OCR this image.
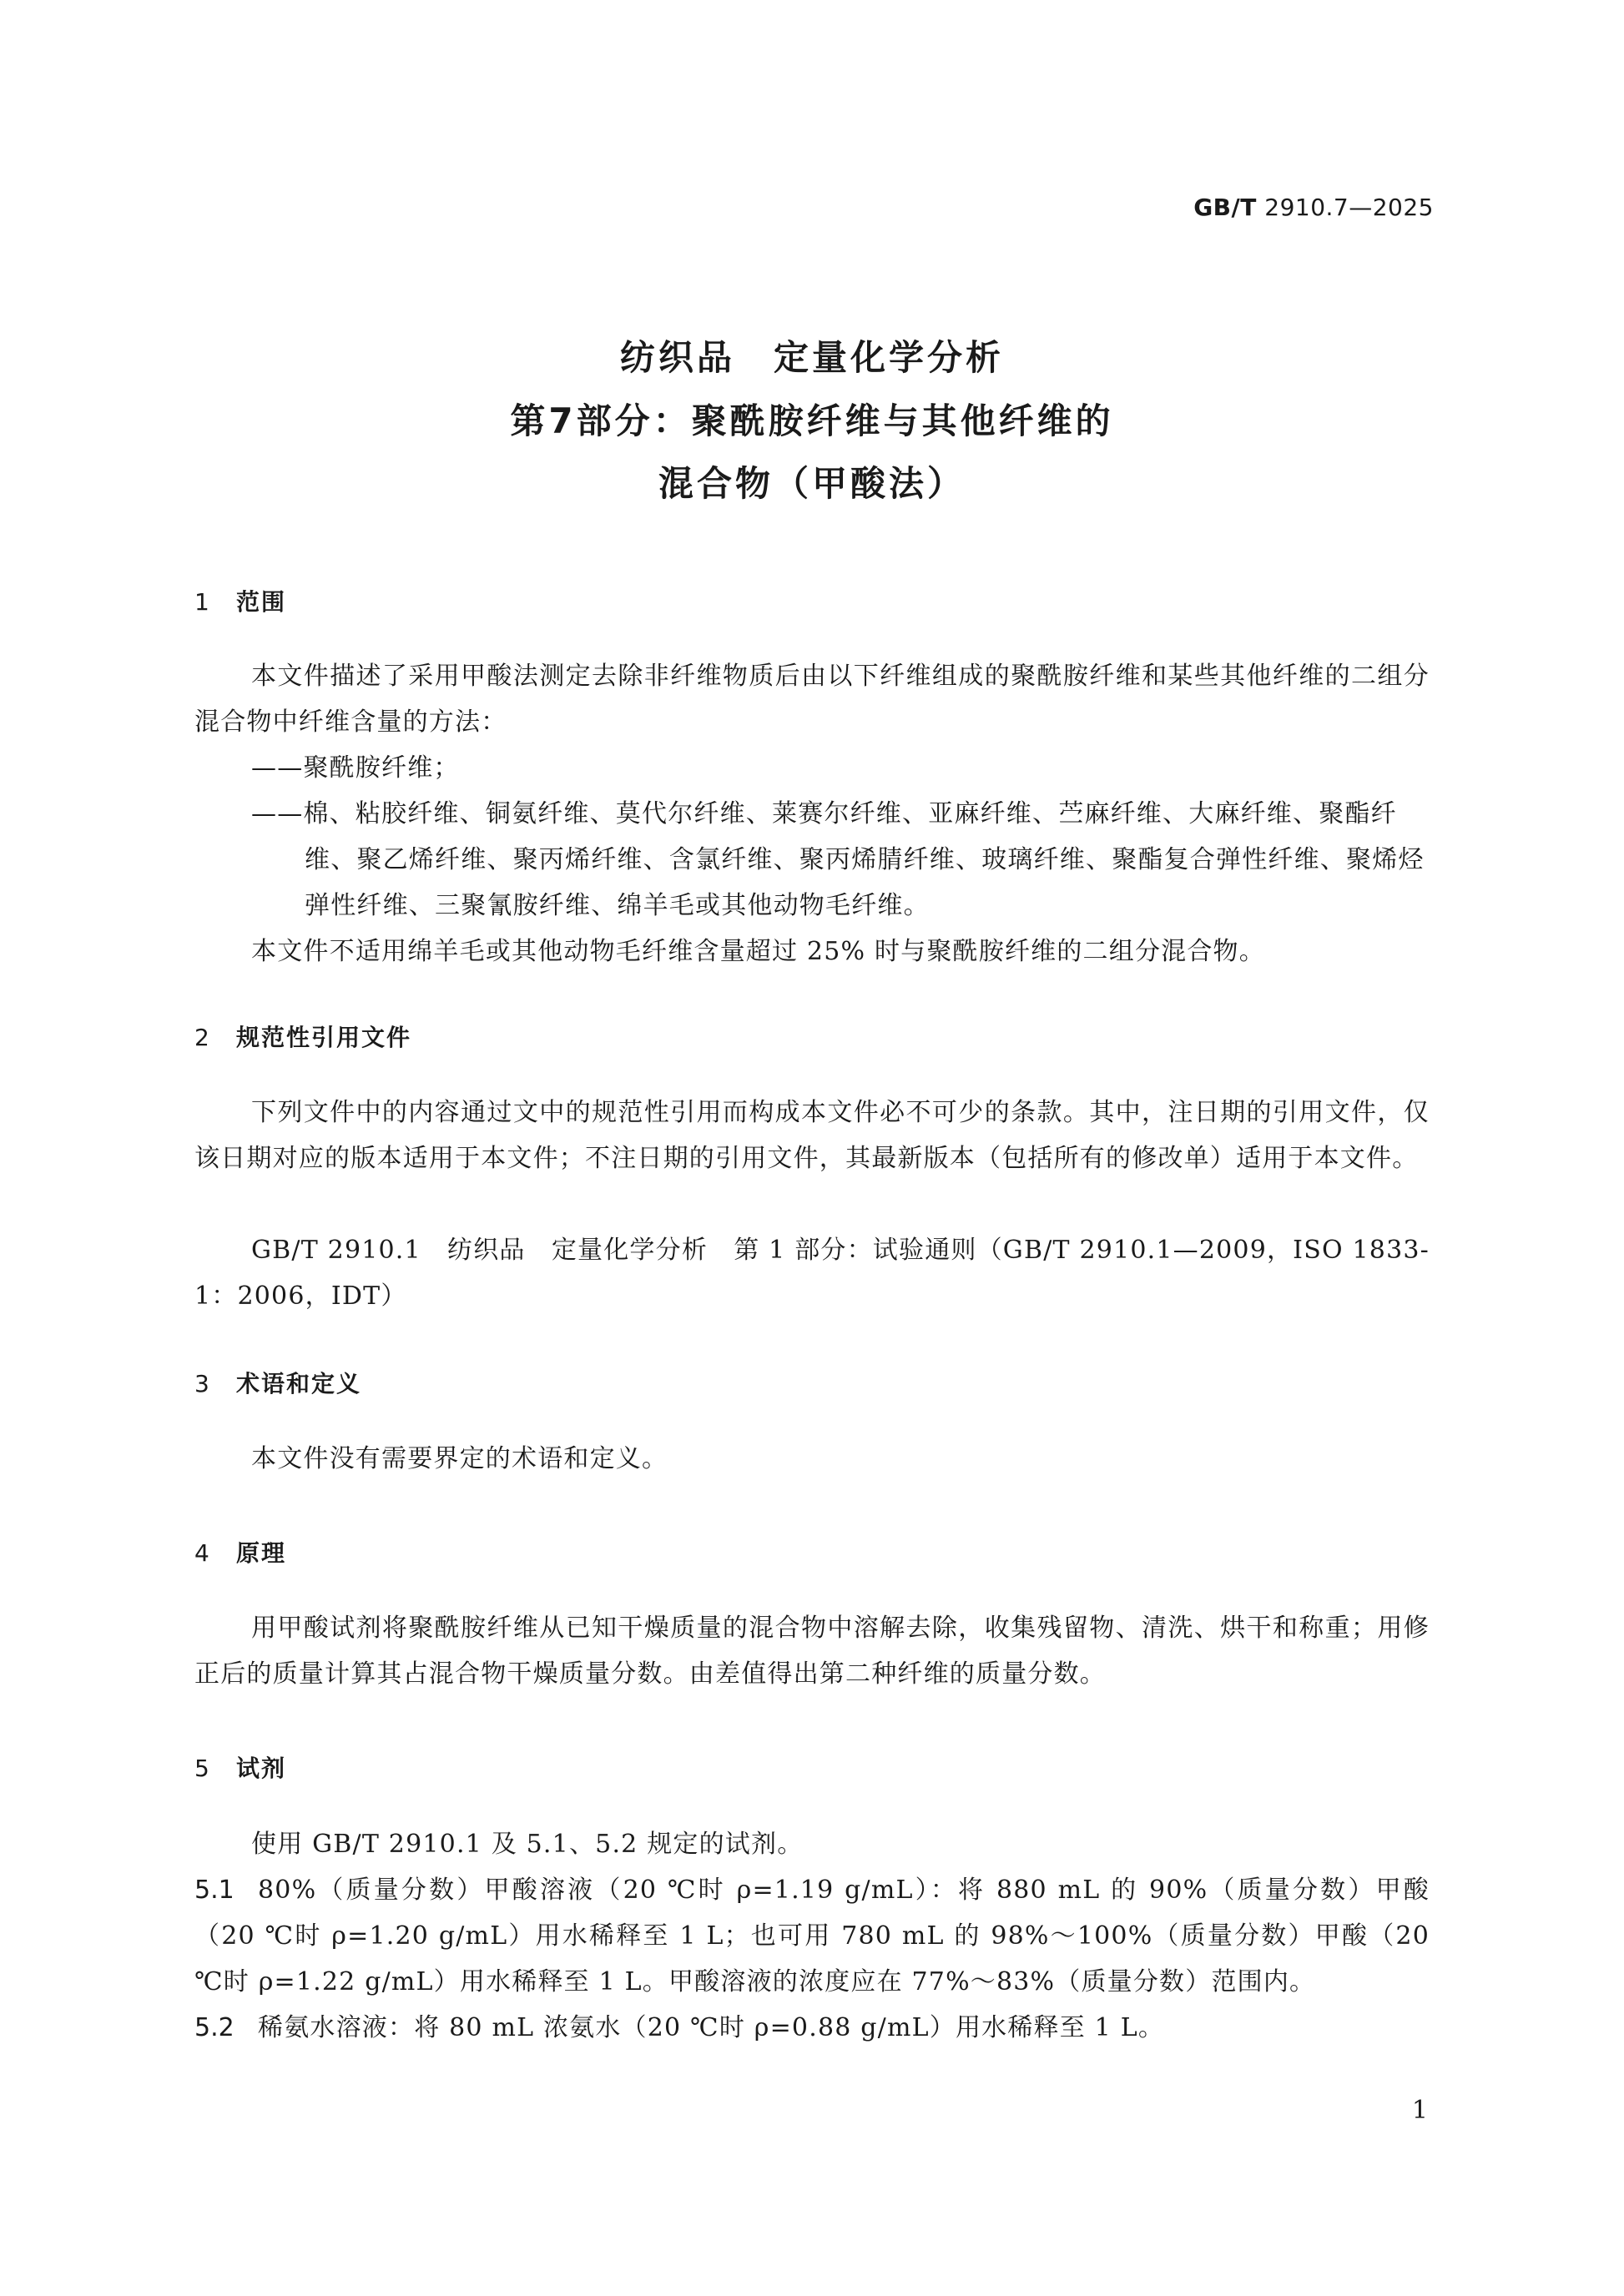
GB/T 2910.7—2025
纺织品　定量化学分析
第7部分：聚酰胺纤维与其他纤维的
混合物（甲酸法）
1 范围
本文件描述了采用甲酸法测定去除非纤维物质后由以下纤维组成的聚酰胺纤维和某些其他纤维的二组分混合物中纤维含量的方法：
——聚酰胺纤维；
——棉、粘胶纤维、铜氨纤维、莫代尔纤维、莱赛尔纤维、亚麻纤维、苎麻纤维、大麻纤维、聚酯纤维、聚乙烯纤维、聚丙烯纤维、含氯纤维、聚丙烯腈纤维、玻璃纤维、聚酯复合弹性纤维、聚烯烃弹性纤维、三聚氰胺纤维、绵羊毛或其他动物毛纤维。
本文件不适用绵羊毛或其他动物毛纤维含量超过 25% 时与聚酰胺纤维的二组分混合物。
2 规范性引用文件
下列文件中的内容通过文中的规范性引用而构成本文件必不可少的条款。其中，注日期的引用文件，仅该日期对应的版本适用于本文件；不注日期的引用文件，其最新版本（包括所有的修改单）适用于本文件。
GB/T 2910.1　纺织品　定量化学分析　第 1 部分：试验通则（GB/T 2910.1—2009，ISO 1833-1：2006，IDT）
3 术语和定义
本文件没有需要界定的术语和定义。
4 原理
用甲酸试剂将聚酰胺纤维从已知干燥质量的混合物中溶解去除，收集残留物、清洗、烘干和称重；用修正后的质量计算其占混合物干燥质量分数。由差值得出第二种纤维的质量分数。
5 试剂
使用 GB/T 2910.1 及 5.1、5.2 规定的试剂。
5.1 80%（质量分数）甲酸溶液（20 ℃时 ρ=1.19 g/mL）：将 880 mL 的 90%（质量分数）甲酸（20 ℃时 ρ=1.20 g/mL）用水稀释至 1 L；也可用 780 mL 的 98%～100%（质量分数）甲酸（20 ℃时 ρ=1.22 g/mL）用水稀释至 1 L。甲酸溶液的浓度应在 77%～83%（质量分数）范围内。
5.2 稀氨水溶液：将 80 mL 浓氨水（20 ℃时 ρ=0.88 g/mL）用水稀释至 1 L。
1
